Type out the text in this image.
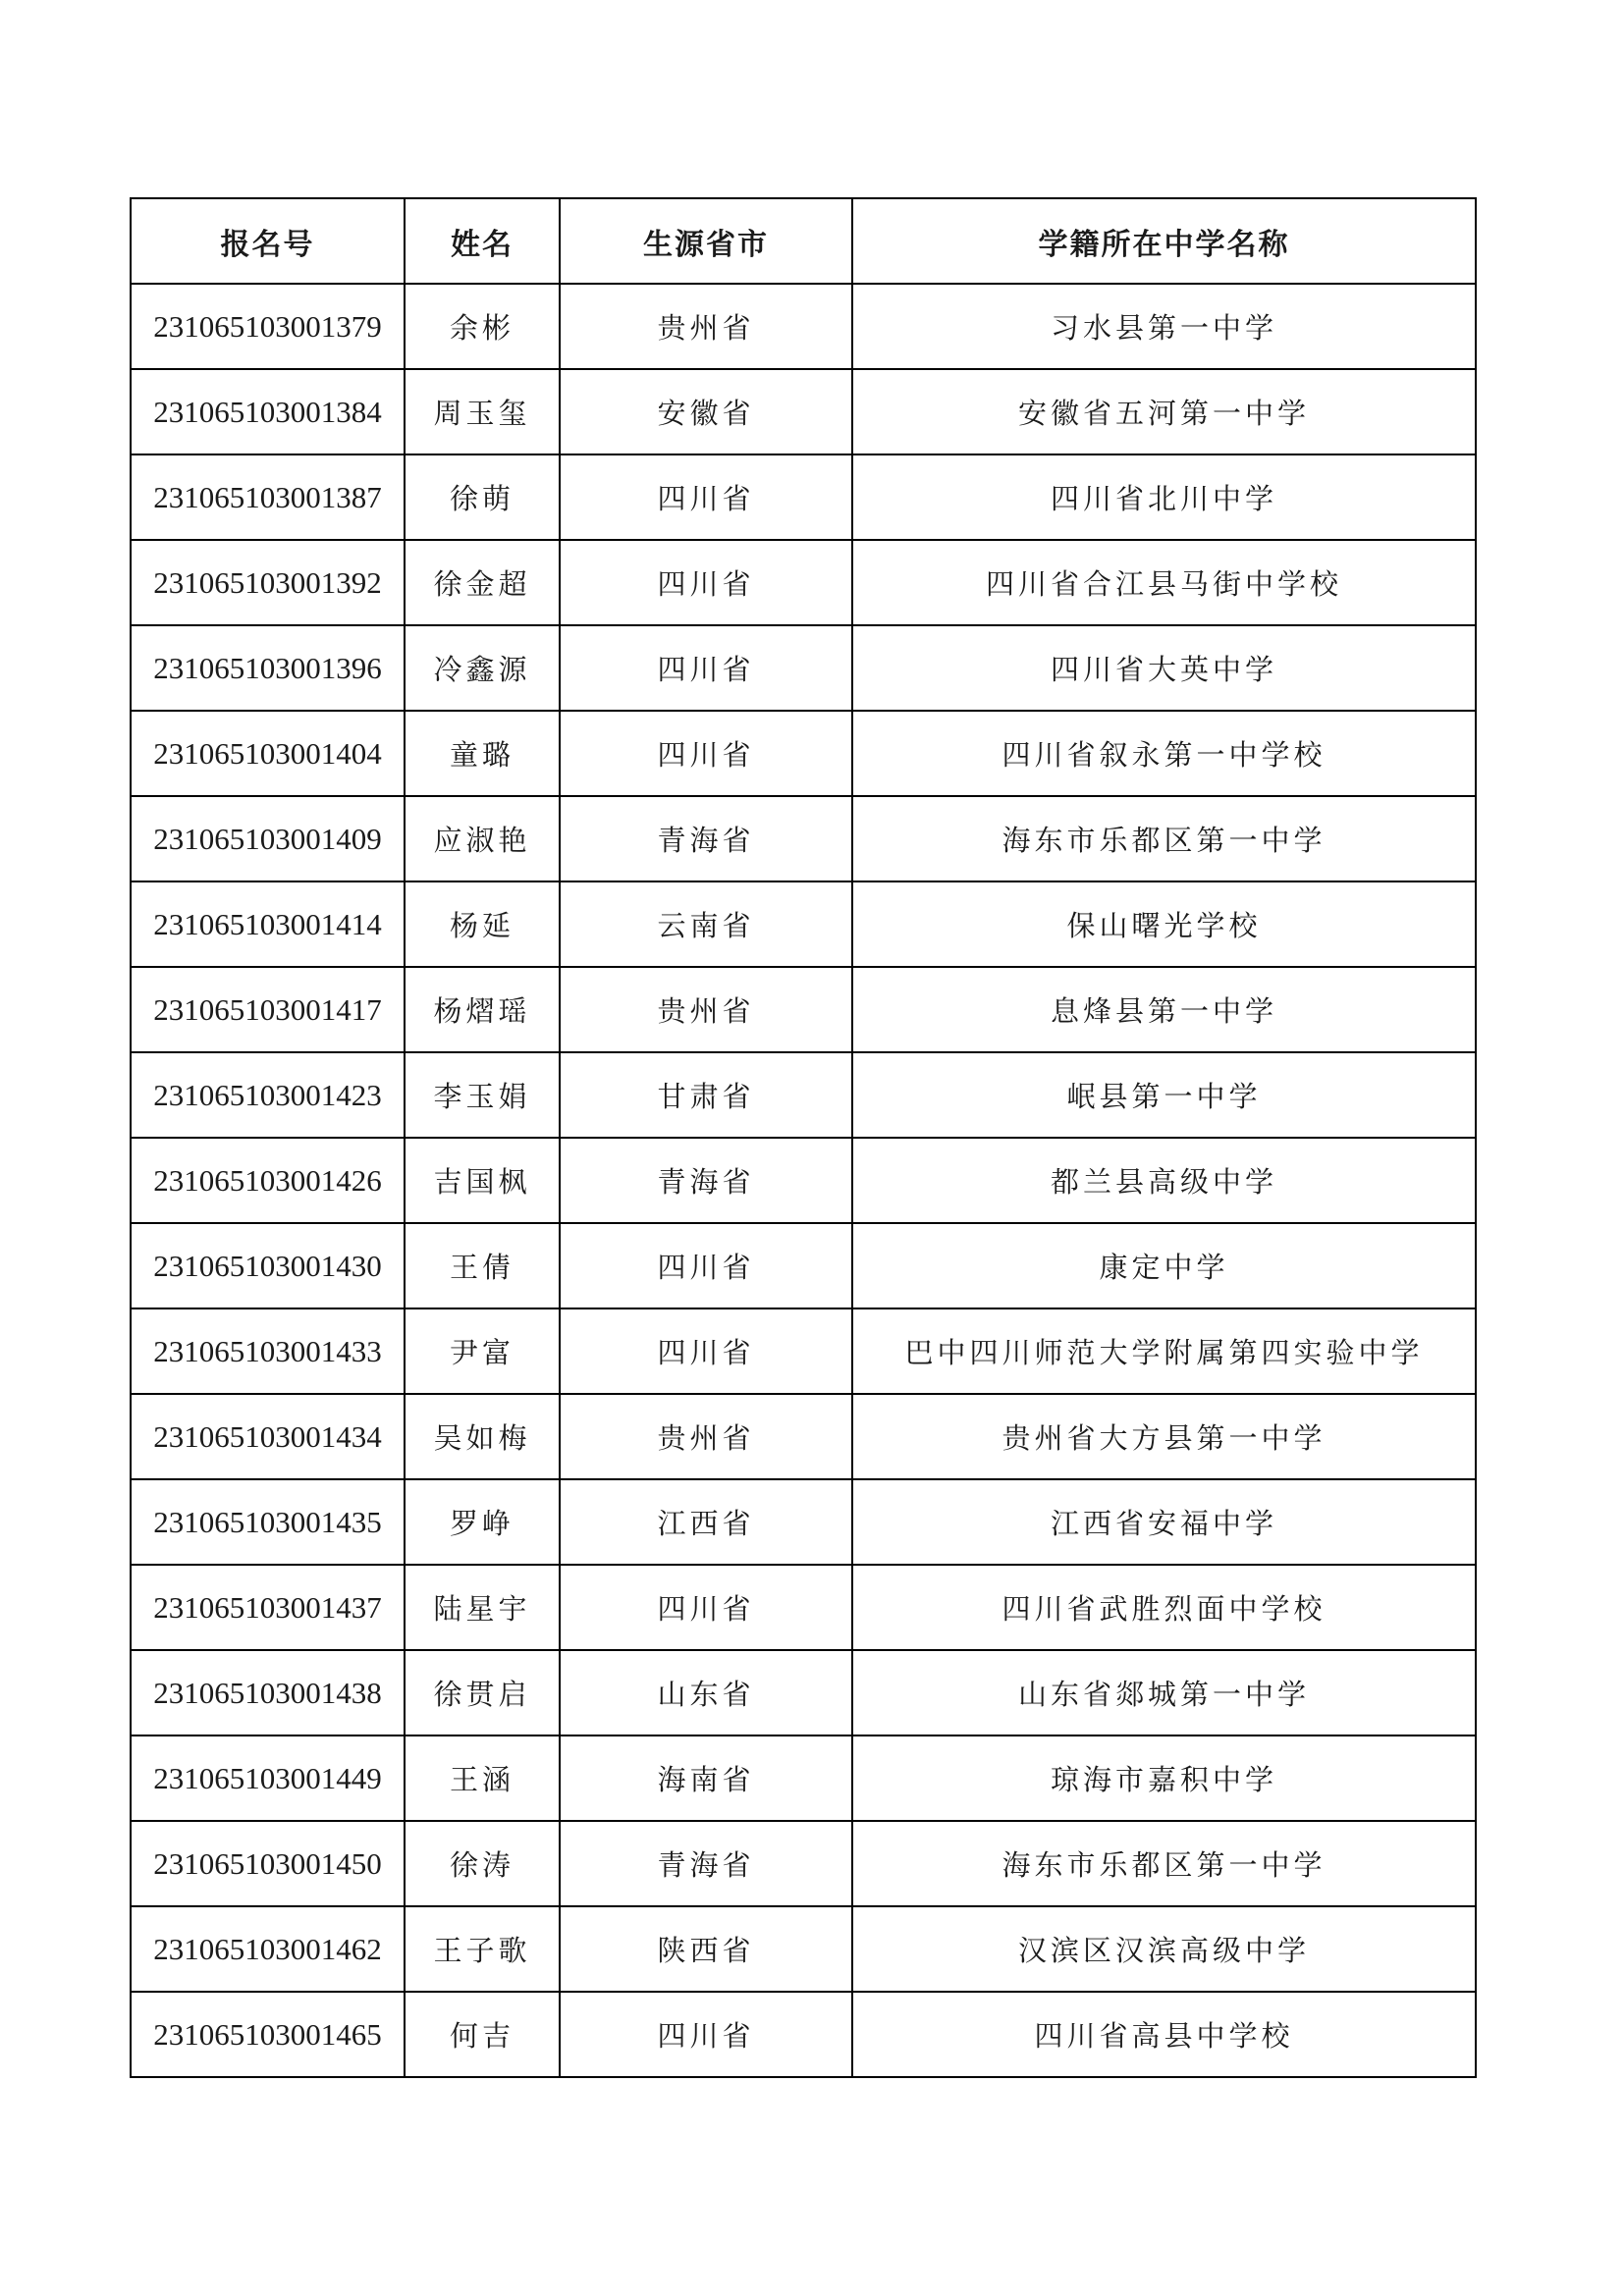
报名号	姓名	生源省市	学籍所在中学名称
231065103001379	余彬	贵州省	习水县第一中学
231065103001384	周玉玺	安徽省	安徽省五河第一中学
231065103001387	徐萌	四川省	四川省北川中学
231065103001392	徐金超	四川省	四川省合江县马街中学校
231065103001396	冷鑫源	四川省	四川省大英中学
231065103001404	童璐	四川省	四川省叙永第一中学校
231065103001409	应淑艳	青海省	海东市乐都区第一中学
231065103001414	杨延	云南省	保山曙光学校
231065103001417	杨熠瑶	贵州省	息烽县第一中学
231065103001423	李玉娟	甘肃省	岷县第一中学
231065103001426	吉国枫	青海省	都兰县高级中学
231065103001430	王倩	四川省	康定中学
231065103001433	尹富	四川省	巴中四川师范大学附属第四实验中学
231065103001434	吴如梅	贵州省	贵州省大方县第一中学
231065103001435	罗峥	江西省	江西省安福中学
231065103001437	陆星宇	四川省	四川省武胜烈面中学校
231065103001438	徐贯启	山东省	山东省郯城第一中学
231065103001449	王涵	海南省	琼海市嘉积中学
231065103001450	徐涛	青海省	海东市乐都区第一中学
231065103001462	王子歌	陕西省	汉滨区汉滨高级中学
231065103001465	何吉	四川省	四川省高县中学校
